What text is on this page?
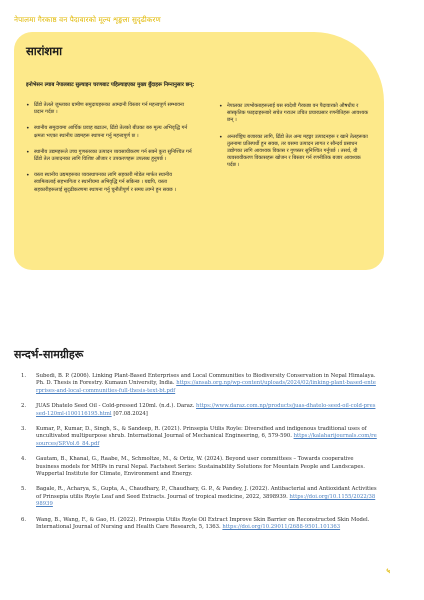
नेपालमा गैरकाष्ठ वन पैदावारको मूल्य शृङ्खला सुदृढीकरण
सारांशमा
इनोभेसन ल्याब नेपालबाट सुल्याइन चरणबाट पहिल्याइएका मुख्य बुँदाहरू निम्नानुसार छन्:
• ढिँडो तेलले जुम्लाका ग्रामीण समुदायहरूका आम्दानी विस्तार गर्न महत्त्वपूर्ण सम्भावना प्रदान गर्दछ ।
• स्थानीय समुदायमा आर्थिक प्रवाह बढाउन, ढिँडो तेलको बीउका बरु मूल्य अभिवृद्धि गर्न क्षमता भएका स्थानीय उद्यमहरू स्थापना गर्नु महत्त्वपूर्ण छ ।
• स्थानीय उद्यमहरूले उच्च गुणस्तरका उत्पादन व्यवसायीकरण गर्न सक्ने कुरा सुनिश्चित गर्न ढिँडो तेल उत्पादनका लागि विशिष्ट औजार र उपकरणहरू उपलब्ध हुनुपर्छ ।
• यस्ता स्थानीय उद्यमहरूका व्यवस्थापनका लागि सहकारी मोडेल मार्फत स्थानीय स्वामित्वलाई सहभागिता र स्थानीयमा अभिवृद्धि गर्न सकिन्छ । यद्यपि, यस्ता सहकारीहरूलाई सुदृढीकरणमा स्थापना गर्नु चुनौतीपूर्ण र समय लाग्ने हुन सक्छ ।
• नेपालका उपभोक्ताहरूलाई यस स्वदेशी गैरकाष्ठ वन पैदावारको औषधीय र सांस्कृतिक फाइदाहरूबारे सचेत गराउन उचित प्रचारप्रसार रणनीतिहरू आवश्यक छन् ।
• अन्तर्राष्ट्रिय बजारका लागि, ढिँडो तेल अन्य महङ्गा उत्पादनहरू र खाने तेलहरूका तुलनामा प्रतिस्पर्धी हुन सक्छ, तर यसमा उत्पादन लागत र सौन्दर्य प्रसाधन उद्योगका लागि आवश्यक विकास र गुणस्तर सुनिश्चित गर्नुपर्छ । तसर्थ, यी व्यवसायीकरण विकासहरू खोजन र बिस्तार गर्न रणनीतिक बजार आवश्यक पर्दछ ।
सन्दर्भ-सामग्रीहरू
1. Subedi, B. P. (2006). Linking Plant-Based Enterprises and Local Communities to Biodiversity Conservation in Nepal Himalaya. Ph. D. Thesis in Forestry. Kumaun University, India. https://ansab.org.np/wp-content/uploads/2024/02/linking-plant-based-enterprises-and-local-communities-full-thesis-text-bt.pdf
2. JUAS Dhatelo Seed Oil - Cold-pressed 120ml. (n.d.). Daraz. https://www.daraz.com.np/products/juas-dhatelo-seed-oil-cold-pressed-120ml-i100116195.html [07.08.2024]
3. Kumar, P., Kumar, D., Singh, S., & Sandeep, R. (2021). Prinsepia Utilis Royle: Diversified and indigenous traditional uses of uncultivated multipurpose shrub. International Journal of Mechanical Engineering, 6, 579-590. https://kalaharijournals.com/resources/SP.Vol.6_84.pdf
4. Gautam, B., Khanal, G., Raabe, M., Schmoltze, M., & Ortiz, W. (2024). Beyond user committees – Towards cooperative business models for MHPs in rural Nepal. Factsheet Series: Sustainability Solutions for Mountain People and Landscapes. Wuppertal Institute for Climate, Environment and Energy.
5. Bagale, R., Acharya, S., Gupta, A., Chaudhary, P., Chaudhary, G. P., & Pandey, J. (2022). Antibacterial and Antioxidant Activities of Prinsepia utilis Royle Leaf and Seed Extracts. Journal of tropical medicine, 2022, 3898939. https://doi.org/10.1155/2022/3898939
6. Wang, B., Wang, F., & Gao, H. (2022). Prinsepia Utilis Royle Oil Extract Improve Skin Barrier on Reconstructed Skin Model. International Journal of Nursing and Health Care Research, 5, 1363. https://doi.org/10.29011/2688-9501.101363
५
